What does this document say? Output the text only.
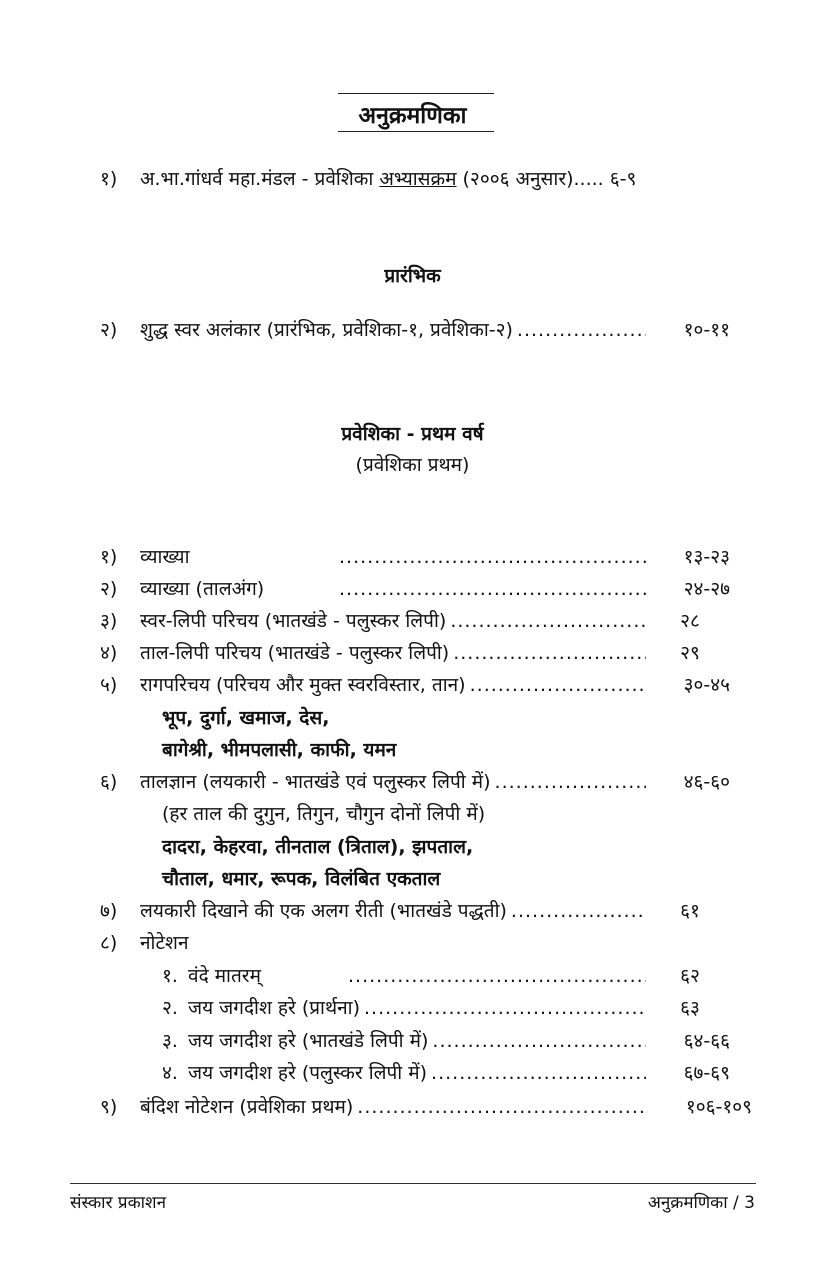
अनुक्रमणिका
१)	अ.भा.गांधर्व महा.मंडल - प्रवेशिका अभ्यासक्रम (२००६ अनुसार)..... ६-९
प्रारंभिक
२)	शुद्ध स्वर अलंकार (प्रारंभिक, प्रवेशिका-१, प्रवेशिका-२) .....	१०-११
प्रवेशिका - प्रथम वर्ष
(प्रवेशिका प्रथम)
१)	व्याख्या .....	१३-२३
२)	व्याख्या (तालअंग) .....	२४-२७
३)	स्वर-लिपी परिचय (भातखंडे - पलुस्कर लिपी) .....	२८
४)	ताल-लिपी परिचय (भातखंडे - पलुस्कर लिपी) .....	२९
५)	रागपरिचय (परिचय और मुक्त स्वरविस्तार, तान) .....	३०-४५
भूप, दुर्गा, खमाज, देस,
बागेश्री, भीमपलासी, काफी, यमन
६)	तालज्ञान (लयकारी - भातखंडे एवं पलुस्कर लिपी में) .....	४६-६०
(हर ताल की दुगुन, तिगुन, चौगुन दोनों लिपी में)
दादरा, केहरवा, तीनताल (त्रिताल), झपताल,
चौताल, धमार, रूपक, विलंबित एकताल
७)	लयकारी दिखाने की एक अलग रीती (भातखंडे पद्धती) .....	६१
८)	नोटेशन
१. वंदे मातरम् .....	६२
२. जय जगदीश हरे (प्रार्थना) .....	६३
३. जय जगदीश हरे (भातखंडे लिपी में) .....	६४-६६
४. जय जगदीश हरे (पलुस्कर लिपी में) .....	६७-६९
९)	बंदिश नोटेशन (प्रवेशिका प्रथम) .....	१०६-१०९
संस्कार प्रकाशन	अनुक्रमणिका / 3
